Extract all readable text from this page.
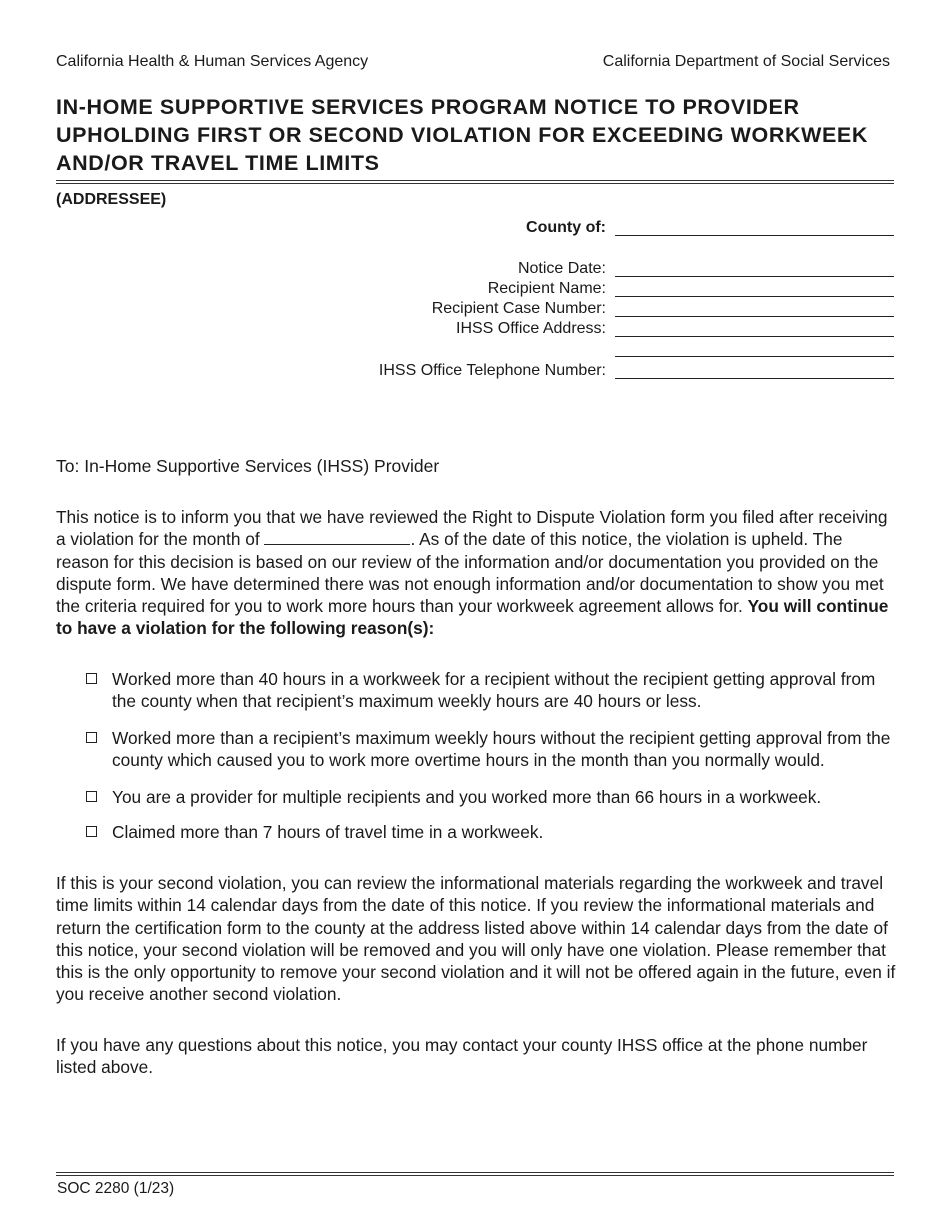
California Health & Human Services Agency	California Department of Social Services
IN-HOME SUPPORTIVE SERVICES PROGRAM NOTICE TO PROVIDER UPHOLDING FIRST OR SECOND VIOLATION FOR EXCEEDING WORKWEEK AND/OR TRAVEL TIME LIMITS
(ADDRESSEE)
County of:
Notice Date:
Recipient Name:
Recipient Case Number:
IHSS Office Address:
IHSS Office Telephone Number:
To: In-Home Supportive Services (IHSS) Provider
This notice is to inform you that we have reviewed the Right to Dispute Violation form you filed after receiving a violation for the month of	. As of the date of this notice, the violation is upheld. The reason for this decision is based on our review of the information and/or documentation you provided on the dispute form. We have determined there was not enough information and/or documentation to show you met the criteria required for you to work more hours than your workweek agreement allows for. You will continue to have a violation for the following reason(s):
Worked more than 40 hours in a workweek for a recipient without the recipient getting approval from the county when that recipient’s maximum weekly hours are 40 hours or less.
Worked more than a recipient’s maximum weekly hours without the recipient getting approval from the county which caused you to work more overtime hours in the month than you normally would.
You are a provider for multiple recipients and you worked more than 66 hours in a workweek.
Claimed more than 7 hours of travel time in a workweek.
If this is your second violation, you can review the informational materials regarding the workweek and travel time limits within 14 calendar days from the date of this notice. If you review the informational materials and return the certification form to the county at the address listed above within 14 calendar days from the date of this notice, your second violation will be removed and you will only have one violation. Please remember that this is the only opportunity to remove your second violation and it will not be offered again in the future, even if you receive another second violation.
If you have any questions about this notice, you may contact your county IHSS office at the phone number listed above.
SOC 2280 (1/23)
